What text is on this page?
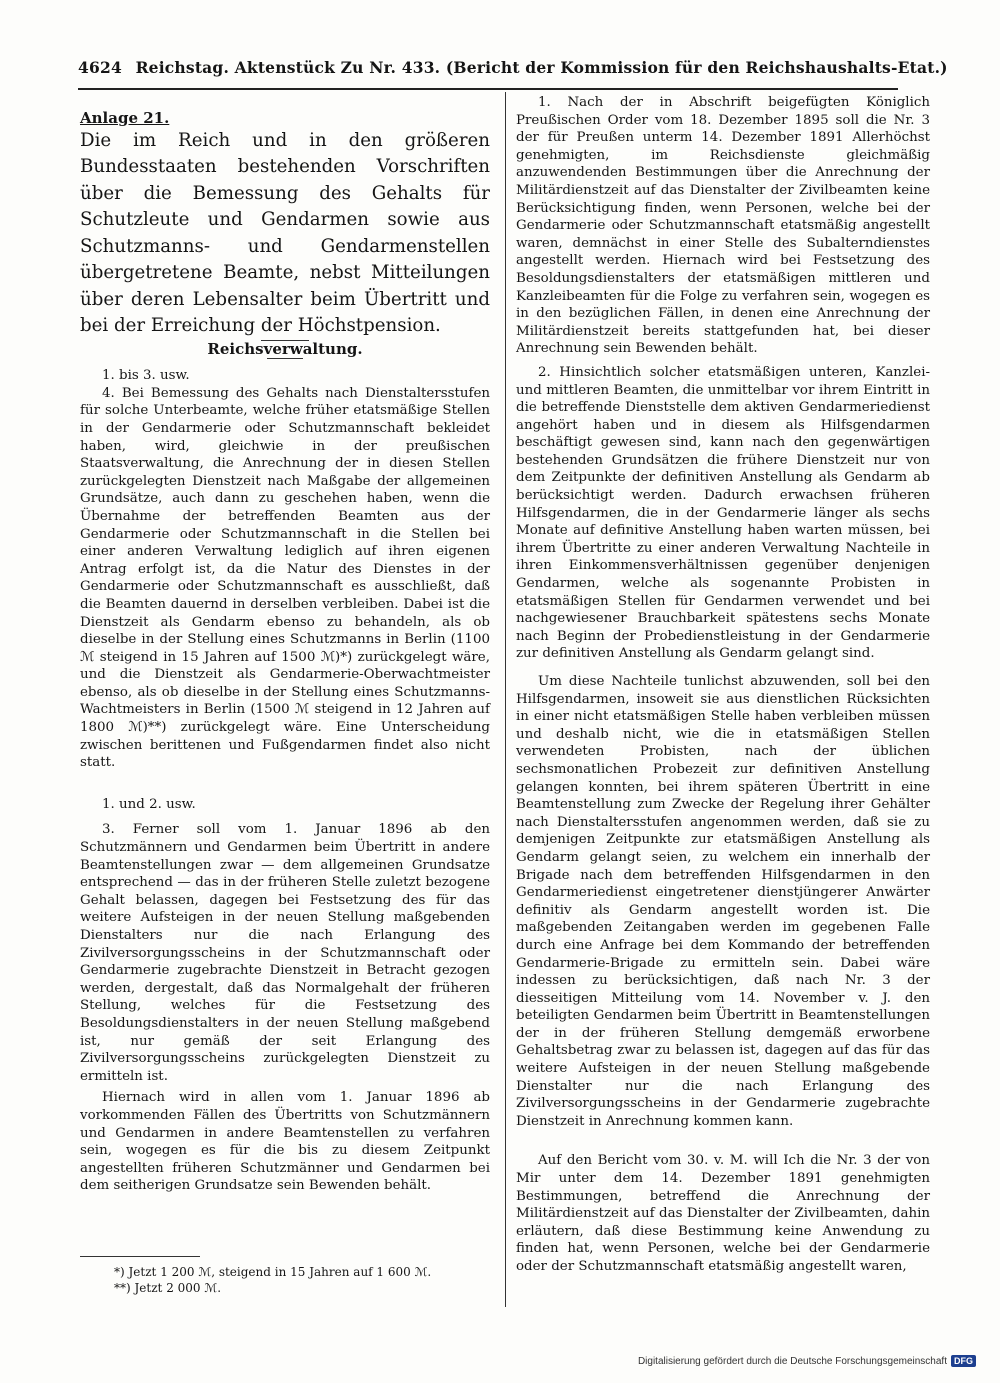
4624 Reichstag. Aktenstück Zu Nr. 433. (Bericht der Kommission für den Reichshaushalts-Etat.)

Anlage 21.

Die im Reich und in den größeren Bundesstaaten bestehenden Vorschriften über die Bemessung des Gehalts für Schutzleute und Gendarmen sowie aus Schutzmanns- und Gendarmenstellen übergetretene Beamte, nebst Mitteilungen über deren Lebensalter beim Übertritt und bei der Erreichung der Höchstpension.

Reichsverwaltung.

1. bis 3. usw.

4. Bei Bemessung des Gehalts nach Dienstaltersstufen für solche Unterbeamte, welche früher etatsmäßige Stellen in der Gendarmerie oder Schutzmannschaft bekleidet haben, wird, gleichwie in der preußischen Staatsverwaltung, die Anrechnung der in diesen Stellen zurückgelegten Dienstzeit nach Maßgabe der allgemeinen Grundsätze, auch dann zu geschehen haben, wenn die Übernahme der betreffenden Beamten aus der Gendarmerie oder Schutzmannschaft in die Stellen bei einer anderen Verwaltung lediglich auf ihren eigenen Antrag erfolgt ist, da die Natur des Dienstes in der Gendarmerie oder Schutzmannschaft es ausschließt, daß die Beamten dauernd in derselben verbleiben. Dabei ist die Dienstzeit als Gendarm ebenso zu behandeln, als ob dieselbe in der Stellung eines Schutzmanns in Berlin (1100 ℳ steigend in 15 Jahren auf 1500 ℳ)*) zurückgelegt wäre, und die Dienstzeit als Gendarmerie-Oberwachtmeister ebenso, als ob dieselbe in der Stellung eines Schutzmanns-Wachtmeisters in Berlin (1500 ℳ steigend in 12 Jahren auf 1800 ℳ)**) zurückgelegt wäre. Eine Unterscheidung zwischen berittenen und Fußgendarmen findet also nicht statt.

1. und 2. usw.

3. Ferner soll vom 1. Januar 1896 ab den Schutzmännern und Gendarmen beim Übertritt in andere Beamtenstellungen zwar — dem allgemeinen Grundsatze entsprechend — das in der früheren Stelle zuletzt bezogene Gehalt belassen, dagegen bei Festsetzung des für das weitere Aufsteigen in der neuen Stellung maßgebenden Dienstalters nur die nach Erlangung des Zivilversorgungsscheins in der Schutzmannschaft oder Gendarmerie zugebrachte Dienstzeit in Betracht gezogen werden, dergestalt, daß das Normalgehalt der früheren Stellung, welches für die Festsetzung des Besoldungsdienstalters in der neuen Stellung maßgebend ist, nur gemäß der seit Erlangung des Zivilversorgungsscheins zurückgelegten Dienstzeit zu ermitteln ist.

Hiernach wird in allen vom 1. Januar 1896 ab vorkommenden Fällen des Übertritts von Schutzmännern und Gendarmen in andere Beamtenstellen zu verfahren sein, wogegen es für die bis zu diesem Zeitpunkt angestellten früheren Schutzmänner und Gendarmen bei dem seitherigen Grundsatze sein Bewenden behält.

*) Jetzt 1 200 ℳ, steigend in 15 Jahren auf 1 600 ℳ.
**) Jetzt 2 000 ℳ.

1. Nach der in Abschrift beigefügten Königlich Preußischen Order vom 18. Dezember 1895 soll die Nr. 3 der für Preußen unterm 14. Dezember 1891 Allerhöchst genehmigten, im Reichsdienste gleichmäßig anzuwendenden Bestimmungen über die Anrechnung der Militärdienstzeit auf das Dienstalter der Zivilbeamten keine Berücksichtigung finden, wenn Personen, welche bei der Gendarmerie oder Schutzmannschaft etatsmäßig angestellt waren, demnächst in einer Stelle des Subalterndienstes angestellt werden. Hiernach wird bei Festsetzung des Besoldungsdienstalters der etatsmäßigen mittleren und Kanzleibeamten für die Folge zu verfahren sein, wogegen es in den bezüglichen Fällen, in denen eine Anrechnung der Militärdienstzeit bereits stattgefunden hat, bei dieser Anrechnung sein Bewenden behält.

2. Hinsichtlich solcher etatsmäßigen unteren, Kanzlei- und mittleren Beamten, die unmittelbar vor ihrem Eintritt in die betreffende Dienststelle dem aktiven Gendarmeriedienst angehört haben und in diesem als Hilfsgendarmen beschäftigt gewesen sind, kann nach den gegenwärtigen bestehenden Grundsätzen die frühere Dienstzeit nur von dem Zeitpunkte der definitiven Anstellung als Gendarm ab berücksichtigt werden. Dadurch erwachsen früheren Hilfsgendarmen, die in der Gendarmerie länger als sechs Monate auf definitive Anstellung haben warten müssen, bei ihrem Übertritte zu einer anderen Verwaltung Nachteile in ihren Einkommensverhältnissen gegenüber denjenigen Gendarmen, welche als sogenannte Probisten in etatsmäßigen Stellen für Gendarmen verwendet und bei nachgewiesener Brauchbarkeit spätestens sechs Monate nach Beginn der Probedienstleistung in der Gendarmerie zur definitiven Anstellung als Gendarm gelangt sind.

Um diese Nachteile tunlichst abzuwenden, soll bei den Hilfsgendarmen, insoweit sie aus dienstlichen Rücksichten in einer nicht etatsmäßigen Stelle haben verbleiben müssen und deshalb nicht, wie die in etatsmäßigen Stellen verwendeten Probisten, nach der üblichen sechsmonatlichen Probezeit zur definitiven Anstellung gelangen konnten, bei ihrem späteren Übertritt in eine Beamtenstellung zum Zwecke der Regelung ihrer Gehälter nach Dienstaltersstufen angenommen werden, daß sie zu demjenigen Zeitpunkte zur etatsmäßigen Anstellung als Gendarm gelangt seien, zu welchem ein innerhalb der Brigade nach dem betreffenden Hilfsgendarmen in den Gendarmeriedienst eingetretener dienstjüngerer Anwärter definitiv als Gendarm angestellt worden ist. Die maßgebenden Zeitangaben werden im gegebenen Falle durch eine Anfrage bei dem Kommando der betreffenden Gendarmerie-Brigade zu ermitteln sein. Dabei wäre indessen zu berücksichtigen, daß nach Nr. 3 der diesseitigen Mitteilung vom 14. November v. J. den beteiligten Gendarmen beim Übertritt in Beamtenstellungen der in der früheren Stellung demgemäß erworbene Gehaltsbetrag zwar zu belassen ist, dagegen auf das für das weitere Aufsteigen in der neuen Stellung maßgebende Dienstalter nur die nach Erlangung des Zivilversorgungsscheins in der Gendarmerie zugebrachte Dienstzeit in Anrechnung kommen kann.

Auf den Bericht vom 30. v. M. will Ich die Nr. 3 der von Mir unter dem 14. Dezember 1891 genehmigten Bestimmungen, betreffend die Anrechnung der Militärdienstzeit auf das Dienstalter der Zivilbeamten, dahin erläutern, daß diese Bestimmung keine Anwendung zu finden hat, wenn Personen, welche bei der Gendarmerie oder der Schutzmannschaft etatsmäßig angestellt waren,

Digitalisierung gefördert durch die Deutsche Forschungsgemeinschaft DFG
